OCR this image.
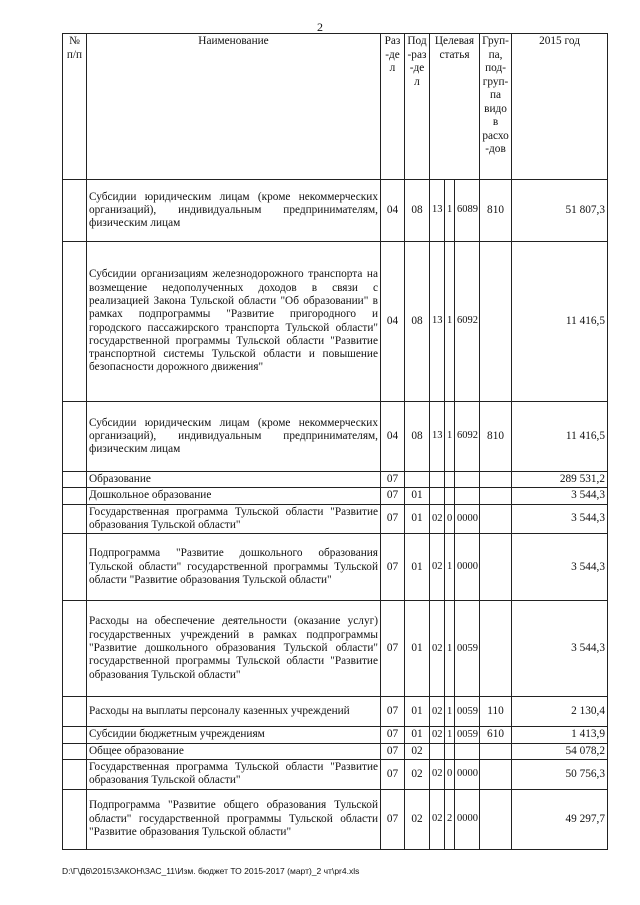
2
№ п/п	Наименование	Раз-дел	Под-раз-дел	Целевая статья			Груп-па, под-груп-па видов расхо-дов	2015 год
	Субсидии юридическим лицам (кроме некоммерческих организаций), индивидуальным предпринимателям, физическим лицам	04	08	13	1	6089	810	51 807,3
	Субсидии организациям железнодорожного транспорта на возмещение недополученных доходов в связи с реализацией Закона Тульской области "Об образовании" в рамках подпрограммы "Развитие пригородного и городского пассажирского транспорта Тульской области" государственной программы Тульской области "Развитие транспортной системы Тульской области и повышение безопасности дорожного движения"	04	08	13	1	6092		11 416,5
	Субсидии юридическим лицам (кроме некоммерческих организаций), индивидуальным предпринимателям, физическим лицам	04	08	13	1	6092	810	11 416,5
	Образование	07						289 531,2
	Дошкольное образование	07	01					3 544,3
	Государственная программа Тульской области "Развитие образования Тульской области"	07	01	02	0	0000		3 544,3
	Подпрограмма "Развитие дошкольного образования Тульской области" государственной программы Тульской области "Развитие образования Тульской области"	07	01	02	1	0000		3 544,3
	Расходы на обеспечение деятельности (оказание услуг) государственных учреждений в рамках подпрограммы "Развитие дошкольного образования Тульской области" государственной программы Тульской области "Развитие образования Тульской области"	07	01	02	1	0059		3 544,3
	Расходы на выплаты персоналу казенных учреждений	07	01	02	1	0059	110	2 130,4
	Субсидии бюджетным учреждениям	07	01	02	1	0059	610	1 413,9
	Общее образование	07	02					54 078,2
	Государственная программа Тульской области "Развитие образования Тульской области"	07	02	02	0	0000		50 756,3
	Подпрограмма "Развитие общего образования Тульской области" государственной программы Тульской области "Развитие образования Тульской области"	07	02	02	2	0000		49 297,7
D:\Г\Д6\2015\ЗАКОН\ЗАС_11\Изм. бюджет ТО 2015-2017 (март)_2 чт\pr4.xls
